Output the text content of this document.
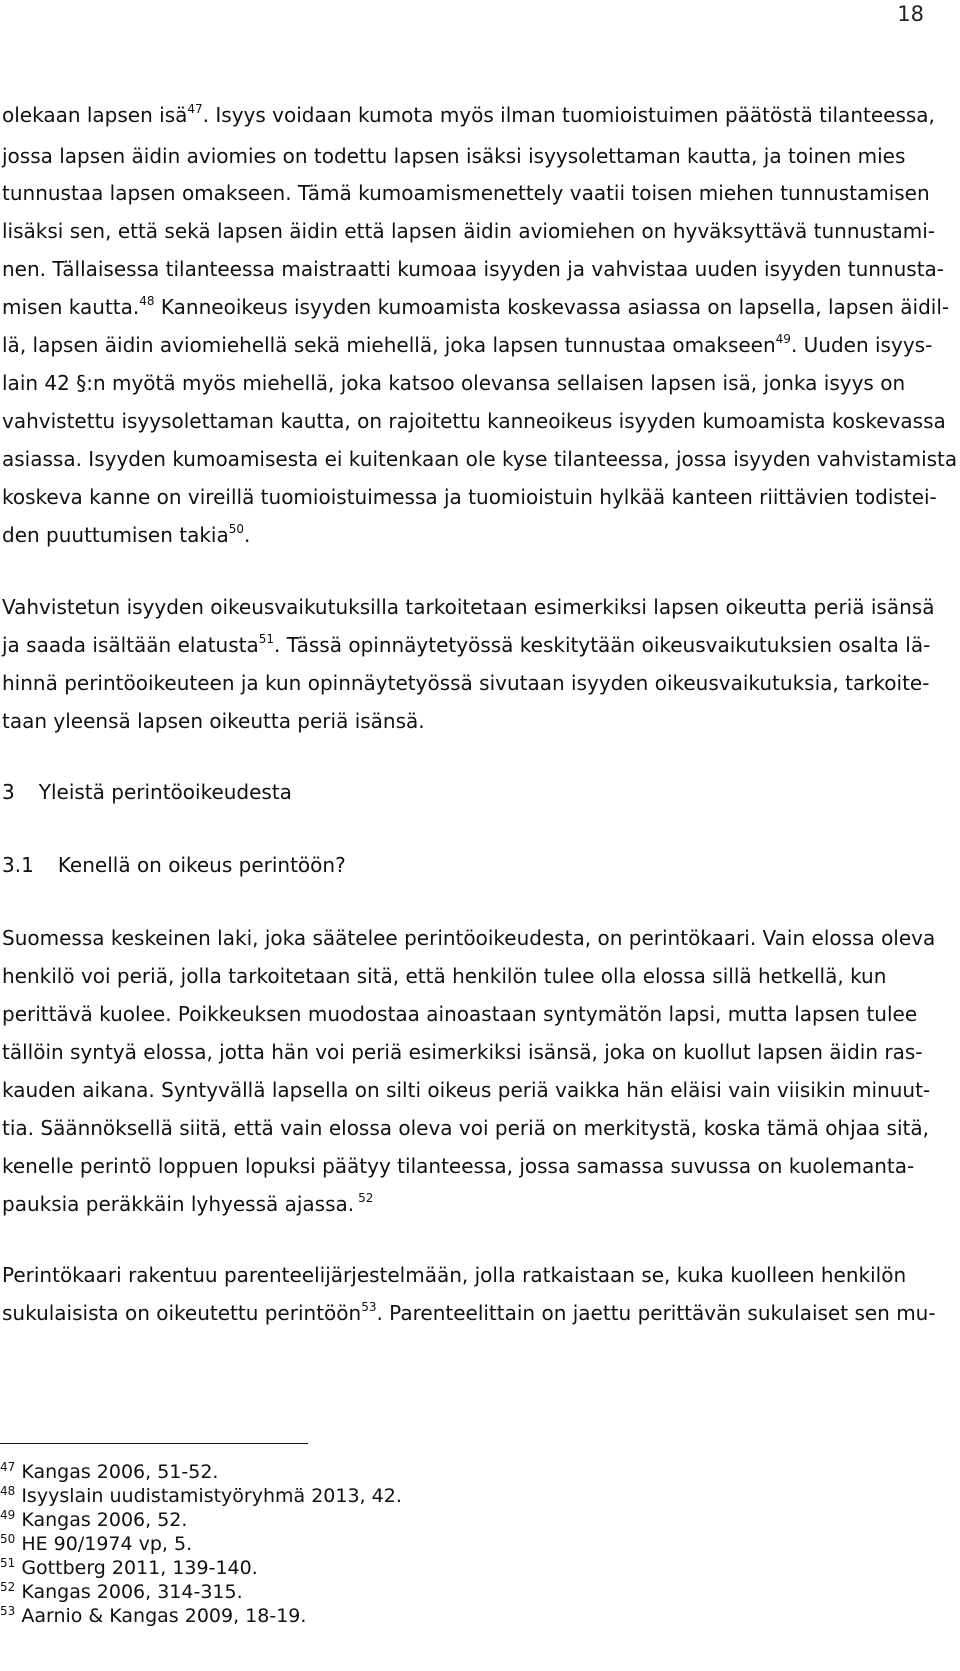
18
olekaan lapsen isä$^{47}$. Isyys voidaan kumota myös ilman tuomioistuimen päätöstä tilanteessa,
jossa lapsen äidin aviomies on todettu lapsen isäksi isyysolettaman kautta, ja toinen mies
tunnustaa lapsen omakseen. Tämä kumoamismenettely vaatii toisen miehen tunnustamisen
lisäksi sen, että sekä lapsen äidin että lapsen äidin aviomiehen on hyväksyttävä tunnustami-
nen. Tällaisessa tilanteessa maistraatti kumoaa isyyden ja vahvistaa uuden isyyden tunnusta-
misen kautta.$^{48}$ Kanneoikeus isyyden kumoamista koskevassa asiassa on lapsella, lapsen äidil-
lä, lapsen äidin aviomiehellä sekä miehellä, joka lapsen tunnustaa omakseen$^{49}$. Uuden isyys-
lain 42 §:n myötä myös miehellä, joka katsoo olevansa sellaisen lapsen isä, jonka isyys on
vahvistettu isyysolettaman kautta, on rajoitettu kanneoikeus isyyden kumoamista koskevassa
asiassa. Isyyden kumoamisesta ei kuitenkaan ole kyse tilanteessa, jossa isyyden vahvistamista
koskeva kanne on vireillä tuomioistuimessa ja tuomioistuin hylkää kanteen riittävien todistei-
den puuttumisen takia$^{50}$.
Vahvistetun isyyden oikeusvaikutuksilla tarkoitetaan esimerkiksi lapsen oikeutta periä isänsä
ja saada isältään elatusta$^{51}$. Tässä opinnäytetyössä keskitytään oikeusvaikutuksien osalta lä-
hinnä perintöoikeuteen ja kun opinnäytetyössä sivutaan isyyden oikeusvaikutuksia, tarkoite-
taan yleensä lapsen oikeutta periä isänsä.
3 Yleistä perintöoikeudesta
3.1 Kenellä on oikeus perintöön?
Suomessa keskeinen laki, joka säätelee perintöoikeudesta, on perintökaari. Vain elossa oleva
henkilö voi periä, jolla tarkoitetaan sitä, että henkilön tulee olla elossa sillä hetkellä, kun
perittävä kuolee. Poikkeuksen muodostaa ainoastaan syntymätön lapsi, mutta lapsen tulee
tällöin syntyä elossa, jotta hän voi periä esimerkiksi isänsä, joka on kuollut lapsen äidin ras-
kauden aikana. Syntyvällä lapsella on silti oikeus periä vaikka hän eläisi vain viisikin minuut-
tia. Säännöksellä siitä, että vain elossa oleva voi periä on merkitystä, koska tämä ohjaa sitä,
kenelle perintö loppuen lopuksi päätyy tilanteessa, jossa samassa suvussa on kuolemanta-
pauksia peräkkäin lyhyessä ajassa. $^{52}$
Perintökaari rakentuu parenteelijärjestelmään, jolla ratkaistaan se, kuka kuolleen henkilön
sukulaisista on oikeutettu perintöön$^{53}$. Parenteelittain on jaettu perittävän sukulaiset sen mu-
$^{47}$ Kangas 2006, 51-52.
$^{48}$ Isyyslain uudistamistyöryhmä 2013, 42.
$^{49}$ Kangas 2006, 52.
$^{50}$ HE 90/1974 vp, 5.
$^{51}$ Gottberg 2011, 139-140.
$^{52}$ Kangas 2006, 314-315.
$^{53}$ Aarnio & Kangas 2009, 18-19.
